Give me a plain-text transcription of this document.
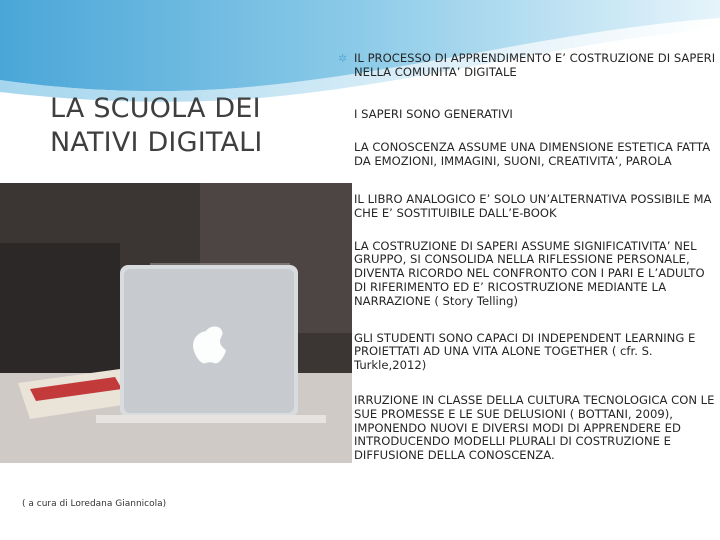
LA SCUOLA DEI NATIVI DIGITALI
✲ IL PROCESSO DI APPRENDIMENTO E’ COSTRUZIONE DI SAPERI NELLA COMUNITA’ DIGITALE
I SAPERI SONO GENERATIVI
LA CONOSCENZA ASSUME UNA DIMENSIONE ESTETICA FATTA DA EMOZIONI, IMMAGINI, SUONI, CREATIVITA’, PAROLA
IL LIBRO ANALOGICO E’ SOLO UN’ALTERNATIVA POSSIBILE MA CHE E’ SOSTITUIBILE DALL’E-BOOK
LA COSTRUZIONE DI SAPERI ASSUME SIGNIFICATIVITA’ NEL GRUPPO, SI CONSOLIDA NELLA RIFLESSIONE PERSONALE, DIVENTA RICORDO NEL CONFRONTO CON I PARI E L’ADULTO DI RIFERIMENTO ED E’ RICOSTRUZIONE MEDIANTE LA NARRAZIONE ( Story Telling)
GLI STUDENTI SONO CAPACI DI INDEPENDENT LEARNING E PROIETTATI AD UNA VITA ALONE TOGETHER ( cfr. S. Turkle,2012)
IRRUZIONE IN CLASSE DELLA CULTURA TECNOLOGICA CON LE SUE PROMESSE E LE SUE DELUSIONI ( BOTTANI, 2009), IMPONENDO NUOVI E DIVERSI MODI DI APPRENDERE ED INTRODUCENDO MODELLI PLURALI DI COSTRUZIONE E DIFFUSIONE DELLA CONOSCENZA.
( a cura di Loredana Giannicola)
